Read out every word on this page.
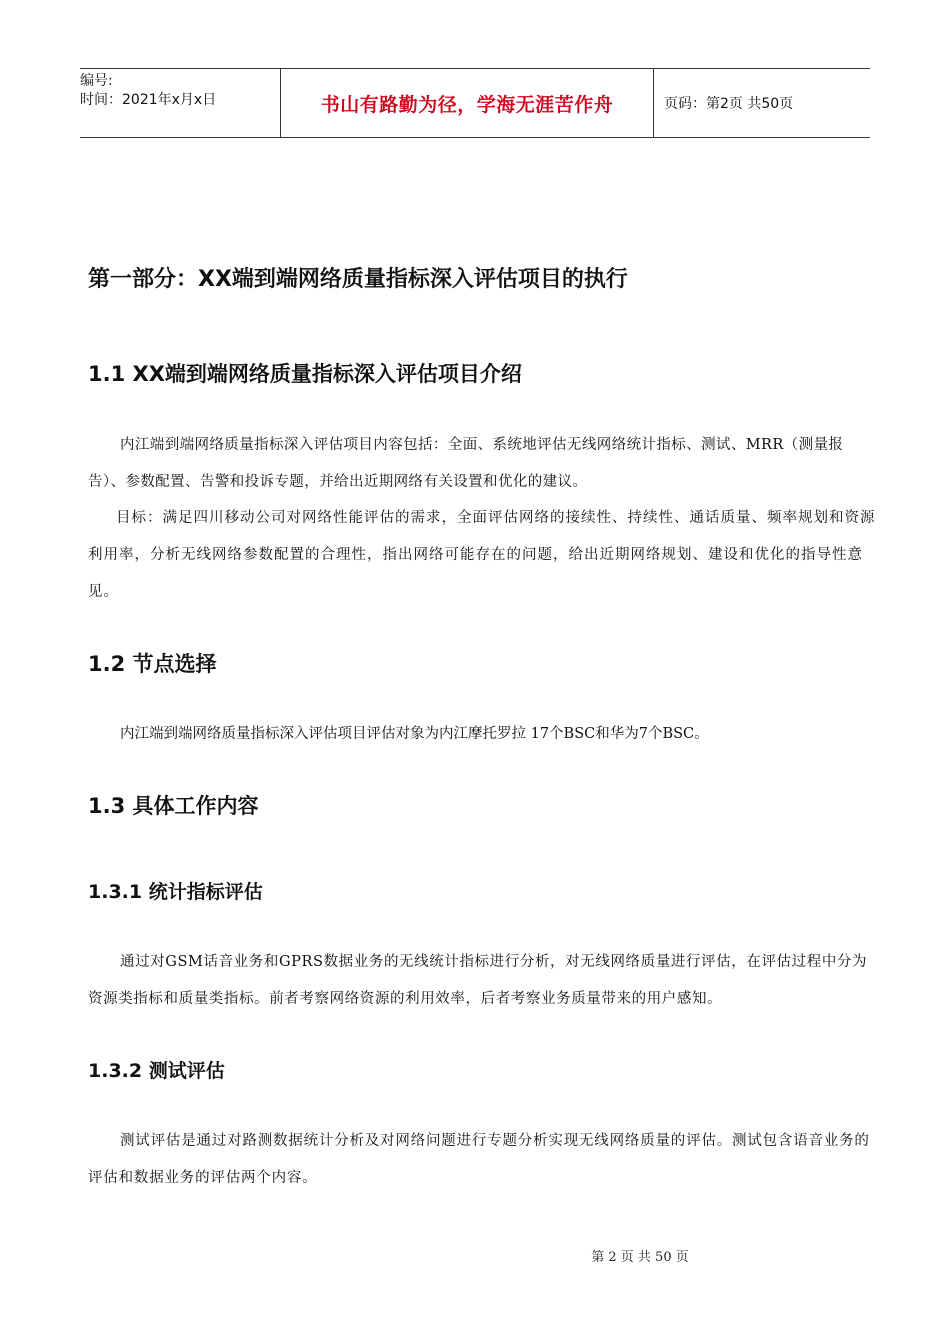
编号:
时间：2021年x月x日	书山有路勤为径，学海无涯苦作舟	页码：第2页 共50页
第一部分：XX端到端网络质量指标深入评估项目的执行
1.1 XX端到端网络质量指标深入评估项目介绍

内江端到端网络质量指标深入评估项目内容包括：全面、系统地评估无线网络统计指标、测试、MRR（测量报告）、参数配置、告警和投诉专题，并给出近期网络有关设置和优化的建议。

目标：满足四川移动公司对网络性能评估的需求，全面评估网络的接续性、持续性、通话质量、频率规划和资源利用率，分析无线网络参数配置的合理性，指出网络可能存在的问题，给出近期网络规划、建设和优化的指导性意见。

1.2 节点选择

内江端到端网络质量指标深入评估项目评估对象为内江摩托罗拉 17个BSC和华为7个BSC。

1.3 具体工作内容
1.3.1 统计指标评估

通过对GSM话音业务和GPRS数据业务的无线统计指标进行分析，对无线网络质量进行评估，在评估过程中分为资源类指标和质量类指标。前者考察网络资源的利用效率，后者考察业务质量带来的用户感知。

1.3.2 测试评估

测试评估是通过对路测数据统计分析及对网络问题进行专题分析实现无线网络质量的评估。测试包含语音业务的评估和数据业务的评估两个内容。

第 2 页 共 50 页
